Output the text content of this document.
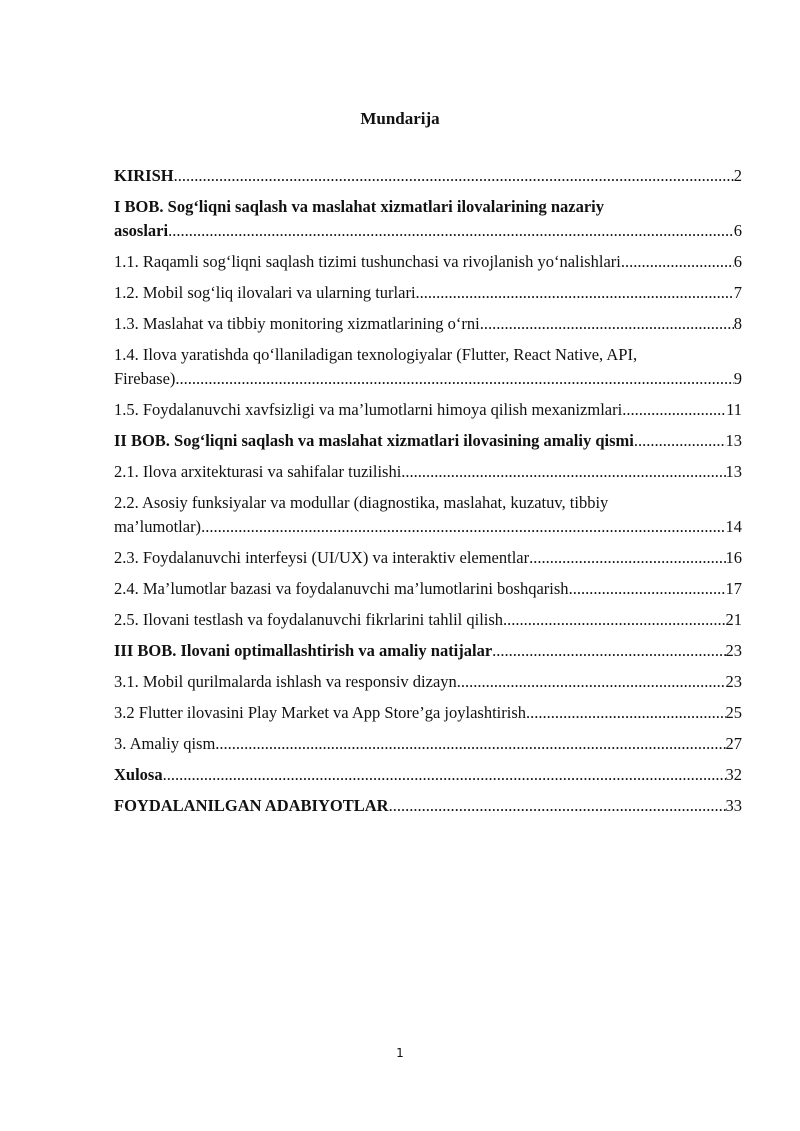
Mundarija
KIRISH .....	2
I BOB. Sog‘liqni saqlash va maslahat xizmatlari ilovalarining nazariy
asoslari .....	6
1.1. Raqamli sog‘liqni saqlash tizimi tushunchasi va rivojlanish yo‘nalishlari .....	6
1.2. Mobil sog‘liq ilovalari va ularning turlari .....	7
1.3. Maslahat va tibbiy monitoring xizmatlarining o‘rni .....	8
1.4. Ilova yaratishda qo‘llaniladigan texnologiyalar (Flutter, React Native, API,
Firebase) .....	9
1.5. Foydalanuvchi xavfsizligi va ma’lumotlarni himoya qilish mexanizmlari .....	11
II BOB. Sog‘liqni saqlash va maslahat xizmatlari ilovasining amaliy qismi .....	13
2.1. Ilova arxitekturasi va sahifalar tuzilishi .....	13
2.2. Asosiy funksiyalar va modullar (diagnostika, maslahat, kuzatuv, tibbiy
ma’lumotlar) .....	14
2.3. Foydalanuvchi interfeysi (UI/UX) va interaktiv elementlar .....	16
2.4. Ma’lumotlar bazasi va foydalanuvchi ma’lumotlarini boshqarish .....	17
2.5. Ilovani testlash va foydalanuvchi fikrlarini tahlil qilish .....	21
III BOB. Ilovani optimallashtirish va amaliy natijalar .....	23
3.1. Mobil qurilmalarda ishlash va responsiv dizayn .....	23
3.2 Flutter ilovasini Play Market va App Store’ga joylashtirish .....	25
3. Amaliy qism .....	27
Xulosa .....	32
FOYDALANILGAN ADABIYOTLAR .....	33
1
